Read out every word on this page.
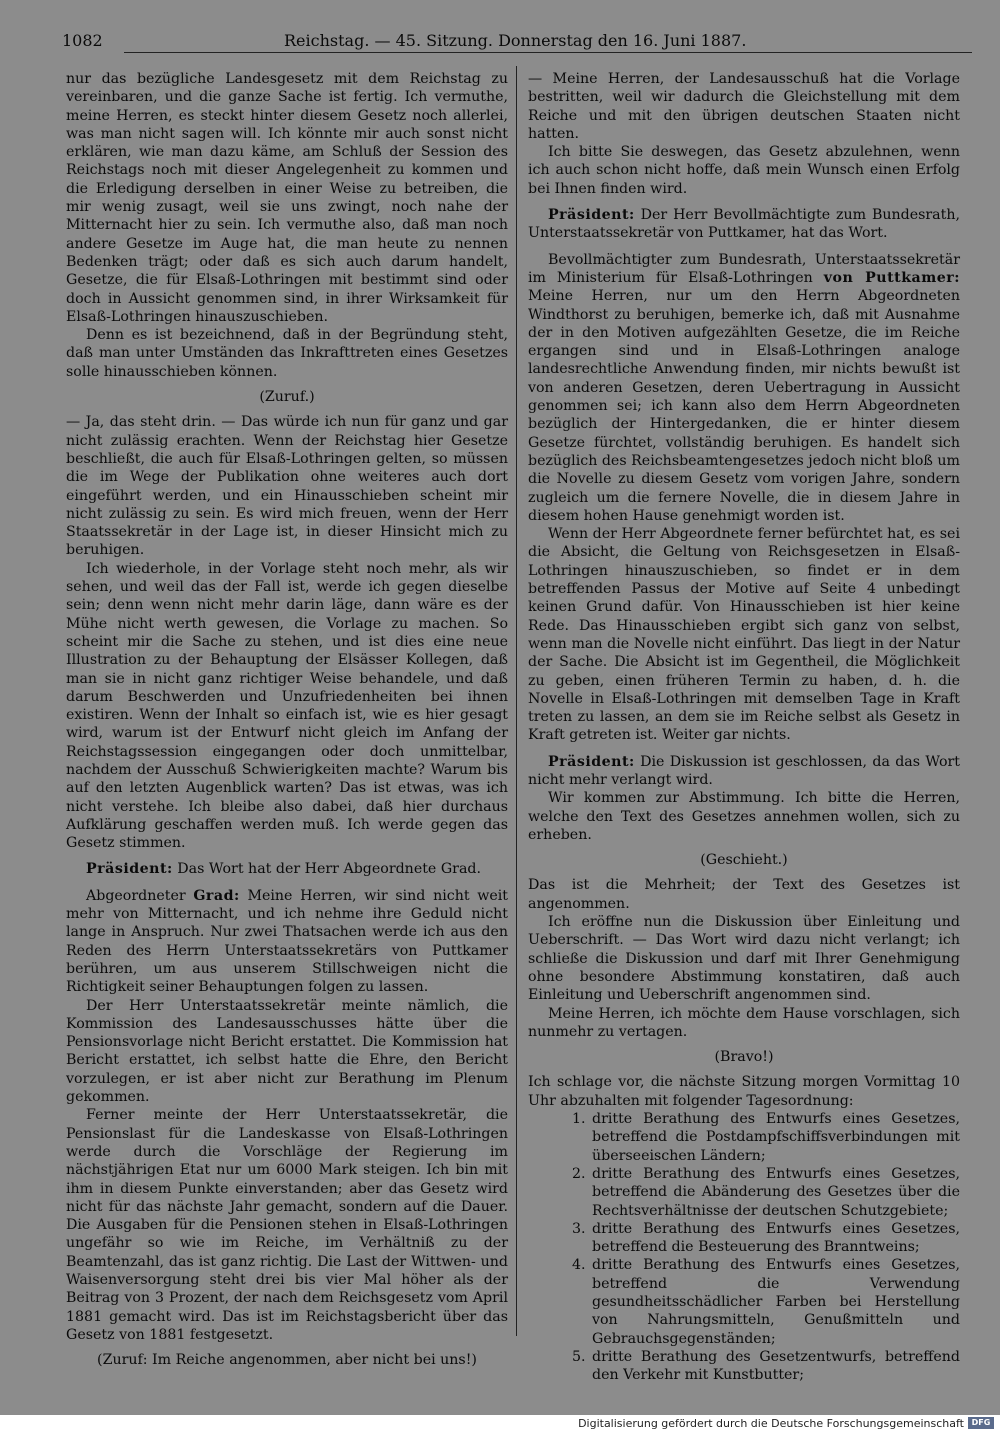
1082	Reichstag. — 45. Sitzung. Donnerstag den 16. Juni 1887.

nur das bezügliche Landesgesetz mit dem Reichstag zu vereinbaren, und die ganze Sache ist fertig. Ich vermuthe, meine Herren, es steckt hinter diesem Gesetz noch allerlei, was man nicht sagen will. Ich könnte mir auch sonst nicht erklären, wie man dazu käme, am Schluß der Session des Reichstags noch mit dieser Angelegenheit zu kommen und die Erledigung derselben in einer Weise zu betreiben, die mir wenig zusagt, weil sie uns zwingt, noch nahe der Mitternacht hier zu sein. Ich vermuthe also, daß man noch andere Gesetze im Auge hat, die man heute zu nennen Bedenken trägt; oder daß es sich auch darum handelt, Gesetze, die für Elsaß-Lothringen mit bestimmt sind oder doch in Aussicht genommen sind, in ihrer Wirksamkeit für Elsaß-Lothringen hinauszuschieben.

Denn es ist bezeichnend, daß in der Begründung steht, daß man unter Umständen das Inkrafttreten eines Gesetzes solle hinausschieben können.

(Zuruf.)

— Ja, das steht drin. — Das würde ich nun für ganz und gar nicht zulässig erachten. Wenn der Reichstag hier Gesetze beschließt, die auch für Elsaß-Lothringen gelten, so müssen die im Wege der Publikation ohne weiteres auch dort eingeführt werden, und ein Hinausschieben scheint mir nicht zulässig zu sein. Es wird mich freuen, wenn der Herr Staatssekretär in der Lage ist, in dieser Hinsicht mich zu beruhigen.

Ich wiederhole, in der Vorlage steht noch mehr, als wir sehen, und weil das der Fall ist, werde ich gegen dieselbe sein; denn wenn nicht mehr darin läge, dann wäre es der Mühe nicht werth gewesen, die Vorlage zu machen. So scheint mir die Sache zu stehen, und ist dies eine neue Illustration zu der Behauptung der Elsässer Kollegen, daß man sie in nicht ganz richtiger Weise behandele, und daß darum Beschwerden und Unzufriedenheiten bei ihnen existiren. Wenn der Inhalt so einfach ist, wie es hier gesagt wird, warum ist der Entwurf nicht gleich im Anfang der Reichstagssession eingegangen oder doch unmittelbar, nachdem der Ausschuß Schwierigkeiten machte? Warum bis auf den letzten Augenblick warten? Das ist etwas, was ich nicht verstehe. Ich bleibe also dabei, daß hier durchaus Aufklärung geschaffen werden muß. Ich werde gegen das Gesetz stimmen.

Präsident: Das Wort hat der Herr Abgeordnete Grad.

Abgeordneter Grad: Meine Herren, wir sind nicht weit mehr von Mitternacht, und ich nehme ihre Geduld nicht lange in Anspruch. Nur zwei Thatsachen werde ich aus den Reden des Herrn Unterstaatssekretärs von Puttkamer berühren, um aus unserem Stillschweigen nicht die Richtigkeit seiner Behauptungen folgen zu lassen.

Der Herr Unterstaatssekretär meinte nämlich, die Kommission des Landesausschusses hätte über die Pensionsvorlage nicht Bericht erstattet. Die Kommission hat Bericht erstattet, ich selbst hatte die Ehre, den Bericht vorzulegen, er ist aber nicht zur Berathung im Plenum gekommen.

Ferner meinte der Herr Unterstaatssekretär, die Pensionslast für die Landeskasse von Elsaß-Lothringen werde durch die Vorschläge der Regierung im nächstjährigen Etat nur um 6000 Mark steigen. Ich bin mit ihm in diesem Punkte einverstanden; aber das Gesetz wird nicht für das nächste Jahr gemacht, sondern auf die Dauer. Die Ausgaben für die Pensionen stehen in Elsaß-Lothringen ungefähr so wie im Reiche, im Verhältniß zu der Beamtenzahl, das ist ganz richtig. Die Last der Wittwen- und Waisenversorgung steht drei bis vier Mal höher als der Beitrag von 3 Prozent, der nach dem Reichsgesetz vom April 1881 gemacht wird. Das ist im Reichstagsbericht über das Gesetz von 1881 festgesetzt.

(Zuruf: Im Reiche angenommen, aber nicht bei uns!)

— Meine Herren, der Landesausschuß hat die Vorlage bestritten, weil wir dadurch die Gleichstellung mit dem Reiche und mit den übrigen deutschen Staaten nicht hatten.

Ich bitte Sie deswegen, das Gesetz abzulehnen, wenn ich auch schon nicht hoffe, daß mein Wunsch einen Erfolg bei Ihnen finden wird.

Präsident: Der Herr Bevollmächtigte zum Bundesrath, Unterstaatssekretär von Puttkamer, hat das Wort.

Bevollmächtigter zum Bundesrath, Unterstaatssekretär im Ministerium für Elsaß-Lothringen von Puttkamer: Meine Herren, nur um den Herrn Abgeordneten Windthorst zu beruhigen, bemerke ich, daß mit Ausnahme der in den Motiven aufgezählten Gesetze, die im Reiche ergangen sind und in Elsaß-Lothringen analoge landesrechtliche Anwendung finden, mir nichts bewußt ist von anderen Gesetzen, deren Uebertragung in Aussicht genommen sei; ich kann also dem Herrn Abgeordneten bezüglich der Hintergedanken, die er hinter diesem Gesetze fürchtet, vollständig beruhigen. Es handelt sich bezüglich des Reichsbeamtengesetzes jedoch nicht bloß um die Novelle zu diesem Gesetz vom vorigen Jahre, sondern zugleich um die fernere Novelle, die in diesem Jahre in diesem hohen Hause genehmigt worden ist.

Wenn der Herr Abgeordnete ferner befürchtet hat, es sei die Absicht, die Geltung von Reichsgesetzen in Elsaß-Lothringen hinauszuschieben, so findet er in dem betreffenden Passus der Motive auf Seite 4 unbedingt keinen Grund dafür. Von Hinausschieben ist hier keine Rede. Das Hinausschieben ergibt sich ganz von selbst, wenn man die Novelle nicht einführt. Das liegt in der Natur der Sache. Die Absicht ist im Gegentheil, die Möglichkeit zu geben, einen früheren Termin zu haben, d. h. die Novelle in Elsaß-Lothringen mit demselben Tage in Kraft treten zu lassen, an dem sie im Reiche selbst als Gesetz in Kraft getreten ist. Weiter gar nichts.

Präsident: Die Diskussion ist geschlossen, da das Wort nicht mehr verlangt wird.

Wir kommen zur Abstimmung. Ich bitte die Herren, welche den Text des Gesetzes annehmen wollen, sich zu erheben.

(Geschieht.)

Das ist die Mehrheit; der Text des Gesetzes ist angenommen.

Ich eröffne nun die Diskussion über Einleitung und Ueberschrift. — Das Wort wird dazu nicht verlangt; ich schließe die Diskussion und darf mit Ihrer Genehmigung ohne besondere Abstimmung konstatiren, daß auch Einleitung und Ueberschrift angenommen sind.

Meine Herren, ich möchte dem Hause vorschlagen, sich nunmehr zu vertagen.

(Bravo!)

Ich schlage vor, die nächste Sitzung morgen Vormittag 10 Uhr abzuhalten mit folgender Tagesordnung:

1. dritte Berathung des Entwurfs eines Gesetzes, betreffend die Postdampfschiffsverbindungen mit überseeischen Ländern;
2. dritte Berathung des Entwurfs eines Gesetzes, betreffend die Abänderung des Gesetzes über die Rechtsverhältnisse der deutschen Schutzgebiete;
3. dritte Berathung des Entwurfs eines Gesetzes, betreffend die Besteuerung des Branntweins;
4. dritte Berathung des Entwurfs eines Gesetzes, betreffend die Verwendung gesundheitsschädlicher Farben bei Herstellung von Nahrungsmitteln, Genußmitteln und Gebrauchsgegenständen;
5. dritte Berathung des Gesetzentwurfs, betreffend den Verkehr mit Kunstbutter;
Digitalisierung gefördert durch die Deutsche Forschungsgemeinschaft DFG
